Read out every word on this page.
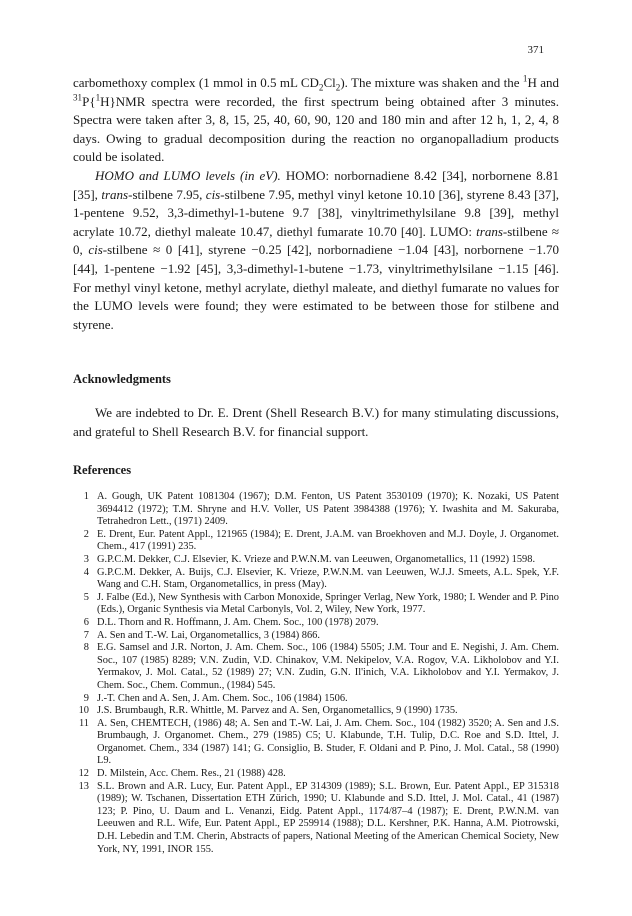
371

carbomethoxy complex (1 mmol in 0.5 mL $CD_2Cl_2$). The mixture was shaken and the $^1$H and $^{31}$P{$^1$H}NMR spectra were recorded, the first spectrum being obtained after 3 minutes. Spectra were taken after 3, 8, 15, 25, 40, 60, 90, 120 and 180 min and after 12 h, 1, 2, 4, 8 days. Owing to gradual decomposition during the reaction no organopalladium products could be isolated.
HOMO and LUMO levels (in eV). HOMO: norbornadiene 8.42 [34], norbornene 8.81 [35], trans-stilbene 7.95, cis-stilbene 7.95, methyl vinyl ketone 10.10 [36], styrene 8.43 [37], 1-pentene 9.52, 3,3-dimethyl-1-butene 9.7 [38], vinyltrimethylsilane 9.8 [39], methyl acrylate 10.72, diethyl maleate 10.47, diethyl fumarate 10.70 [40]. LUMO: trans-stilbene ≈ 0, cis-stilbene ≈ 0 [41], styrene −0.25 [42], norbornadiene −1.04 [43], norbornene −1.70 [44], 1-pentene −1.92 [45], 3,3-dimethyl-1-butene −1.73, vinyltrimethylsilane −1.15 [46]. For methyl vinyl ketone, methyl acrylate, diethyl maleate, and diethyl fumarate no values for the LUMO levels were found; they were estimated to be between those for stilbene and styrene.

Acknowledgments

We are indebted to Dr. E. Drent (Shell Research B.V.) for many stimulating discussions, and grateful to Shell Research B.V. for financial support.

References
1 A. Gough, UK Patent 1081304 (1967); D.M. Fenton, US Patent 3530109 (1970); K. Nozaki, US Patent 3694412 (1972); T.M. Shryne and H.V. Voller, US Patent 3984388 (1976); Y. Iwashita and M. Sakuraba, Tetrahedron Lett., (1971) 2409.
2 E. Drent, Eur. Patent Appl., 121965 (1984); E. Drent, J.A.M. van Broekhoven and M.J. Doyle, J. Organomet. Chem., 417 (1991) 235.
3 G.P.C.M. Dekker, C.J. Elsevier, K. Vrieze and P.W.N.M. van Leeuwen, Organometallics, 11 (1992) 1598.
4 G.P.C.M. Dekker, A. Buijs, C.J. Elsevier, K. Vrieze, P.W.N.M. van Leeuwen, W.J.J. Smeets, A.L. Spek, Y.F. Wang and C.H. Stam, Organometallics, in press (May).
5 J. Falbe (Ed.), New Synthesis with Carbon Monoxide, Springer Verlag, New York, 1980; I. Wender and P. Pino (Eds.), Organic Synthesis via Metal Carbonyls, Vol. 2, Wiley, New York, 1977.
6 D.L. Thorn and R. Hoffmann, J. Am. Chem. Soc., 100 (1978) 2079.
7 A. Sen and T.-W. Lai, Organometallics, 3 (1984) 866.
8 E.G. Samsel and J.R. Norton, J. Am. Chem. Soc., 106 (1984) 5505; J.M. Tour and E. Negishi, J. Am. Chem. Soc., 107 (1985) 8289; V.N. Zudin, V.D. Chinakov, V.M. Nekipelov, V.A. Rogov, V.A. Likholobov and Y.I. Yermakov, J. Mol. Catal., 52 (1989) 27; V.N. Zudin, G.N. Il'inich, V.A. Likholobov and Y.I. Yermakov, J. Chem. Soc., Chem. Commun., (1984) 545.
9 J.-T. Chen and A. Sen, J. Am. Chem. Soc., 106 (1984) 1506.
10 J.S. Brumbaugh, R.R. Whittle, M. Parvez and A. Sen, Organometallics, 9 (1990) 1735.
11 A. Sen, CHEMTECH, (1986) 48; A. Sen and T.-W. Lai, J. Am. Chem. Soc., 104 (1982) 3520; A. Sen and J.S. Brumbaugh, J. Organomet. Chem., 279 (1985) C5; U. Klabunde, T.H. Tulip, D.C. Roe and S.D. Ittel, J. Organomet. Chem., 334 (1987) 141; G. Consiglio, B. Studer, F. Oldani and P. Pino, J. Mol. Catal., 58 (1990) L9.
12 D. Milstein, Acc. Chem. Res., 21 (1988) 428.
13 S.L. Brown and A.R. Lucy, Eur. Patent Appl., EP 314309 (1989); S.L. Brown, Eur. Patent Appl., EP 315318 (1989); W. Tschanen, Dissertation ETH Zürich, 1990; U. Klabunde and S.D. Ittel, J. Mol. Catal., 41 (1987) 123; P. Pino, U. Daum and L. Venanzi, Eidg. Patent Appl., 1174/87–4 (1987); E. Drent, P.W.N.M. van Leeuwen and R.L. Wife, Eur. Patent Appl., EP 259914 (1988); D.L. Kershner, P.K. Hanna, A.M. Piotrowski, D.H. Lebedin and T.M. Cherin, Abstracts of papers, National Meeting of the American Chemical Society, New York, NY, 1991, INOR 155.
